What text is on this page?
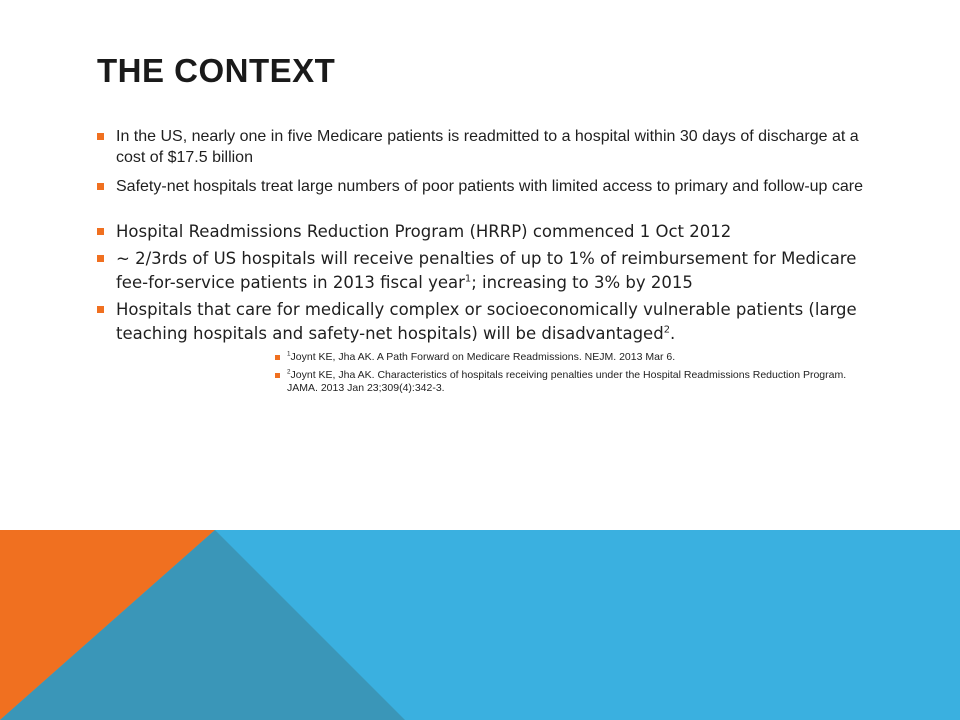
THE CONTEXT
In the US, nearly one in five Medicare patients is readmitted to a hospital within 30 days of discharge at a cost of $17.5 billion
Safety-net hospitals treat large numbers of poor patients with limited access to primary and follow-up care
Hospital Readmissions Reduction Program (HRRP) commenced 1 Oct 2012
~ 2/3rds of US hospitals will receive penalties of up to 1% of reimbursement for Medicare fee-for-service patients in 2013 fiscal year$^1$; increasing to 3% by 2015
Hospitals that care for medically complex or socioeconomically vulnerable patients (large teaching hospitals and safety-net hospitals) will be disadvantaged$^2$.
$^1$Joynt KE, Jha AK. A Path Forward on Medicare Readmissions. NEJM. 2013 Mar 6.
$^2$Joynt KE, Jha AK. Characteristics of hospitals receiving penalties under the Hospital Readmissions Reduction Program. JAMA. 2013 Jan 23;309(4):342-3.
